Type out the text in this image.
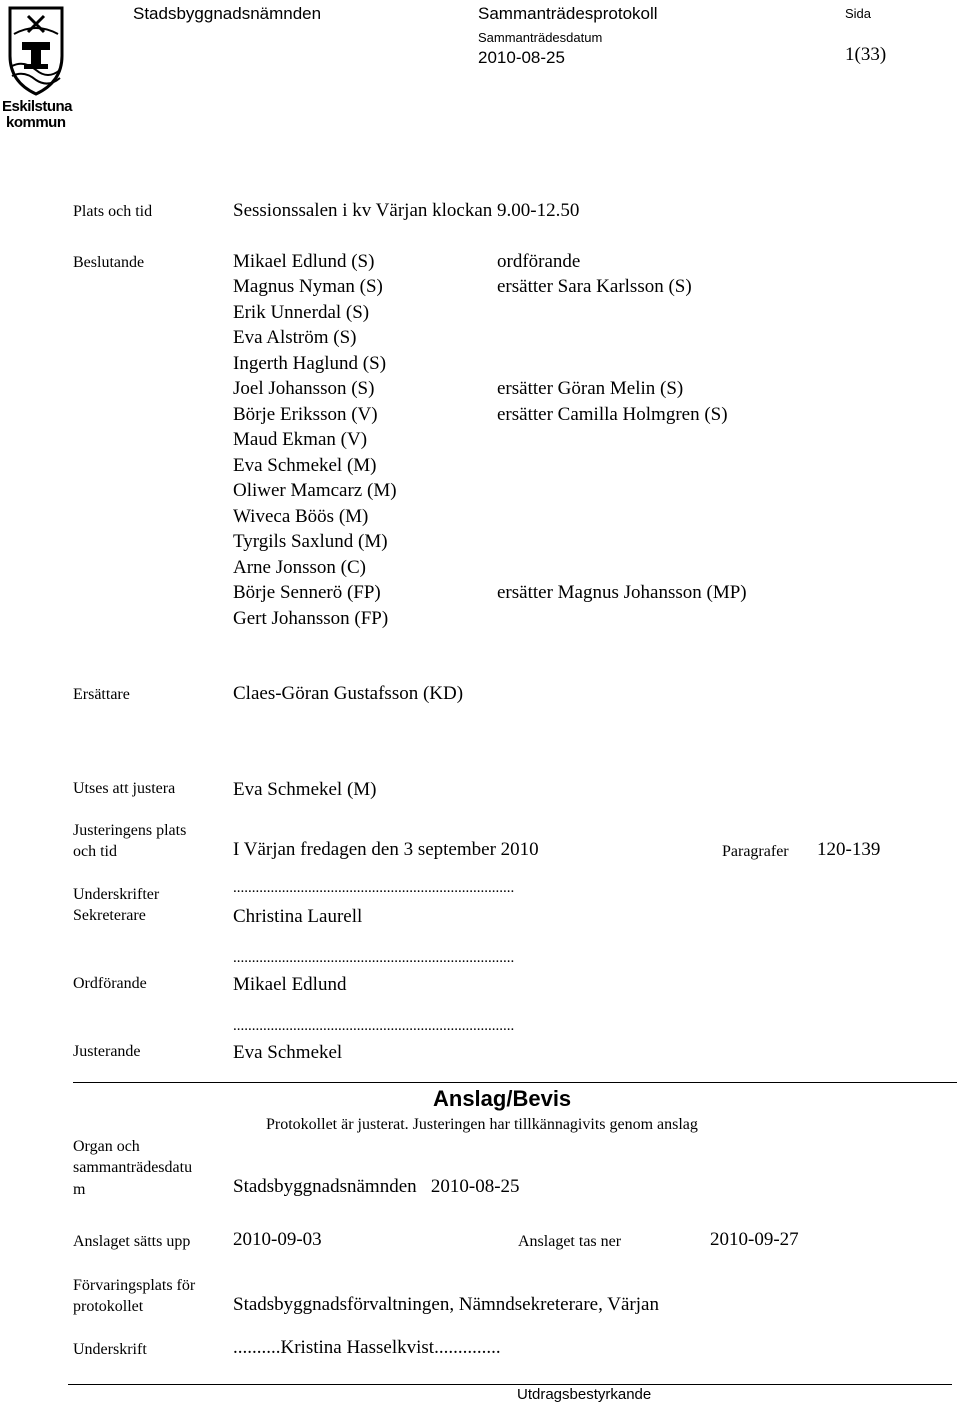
Stadsbyggnadsnämnden	Sammanträdesprotokoll
Sammanträdesdatum
2010-08-25
Sida
1(33)
Eskilstuna
kommun
Plats och tid	Sessionssalen i kv Värjan klockan 9.00-12.50
Beslutande	Mikael Edlund (S)	ordförande
Magnus Nyman (S)	ersätter Sara Karlsson (S)
Erik Unnerdal (S)
Eva Alström (S)
Ingerth Haglund (S)
Joel Johansson (S)	ersätter Göran Melin (S)
Börje Eriksson (V)	ersätter Camilla Holmgren (S)
Maud Ekman (V)
Eva Schmekel (M)
Oliwer Mamcarz (M)
Wiveca Böös (M)
Tyrgils Saxlund (M)
Arne Jonsson (C)
Börje Sennerö (FP)	ersätter Magnus Johansson (MP)
Gert Johansson (FP)
Ersättare	Claes-Göran Gustafsson (KD)
Utses att justera	Eva Schmekel (M)
Justeringens plats
och tid	I Värjan fredagen den 3 september 2010	Paragrafer 120-139
Underskrifter	...........................................................................
Sekreterare	Christina Laurell
...........................................................................
Ordförande	Mikael Edlund
...........................................................................
Justerande	Eva Schmekel
Anslag/Bevis
Protokollet är justerat. Justeringen har tillkännagivits genom anslag
Organ och
sammanträdesdatu
m	Stadsbyggnadsnämnden   2010-08-25
Anslaget sätts upp 2010-09-03	Anslaget tas ner	2010-09-27
Förvaringsplats för
protokollet	Stadsbyggnadsförvaltningen, Nämndsekreterare, Värjan
Underskrift	..........Kristina Hasselkvist..............
Utdragsbestyrkande
